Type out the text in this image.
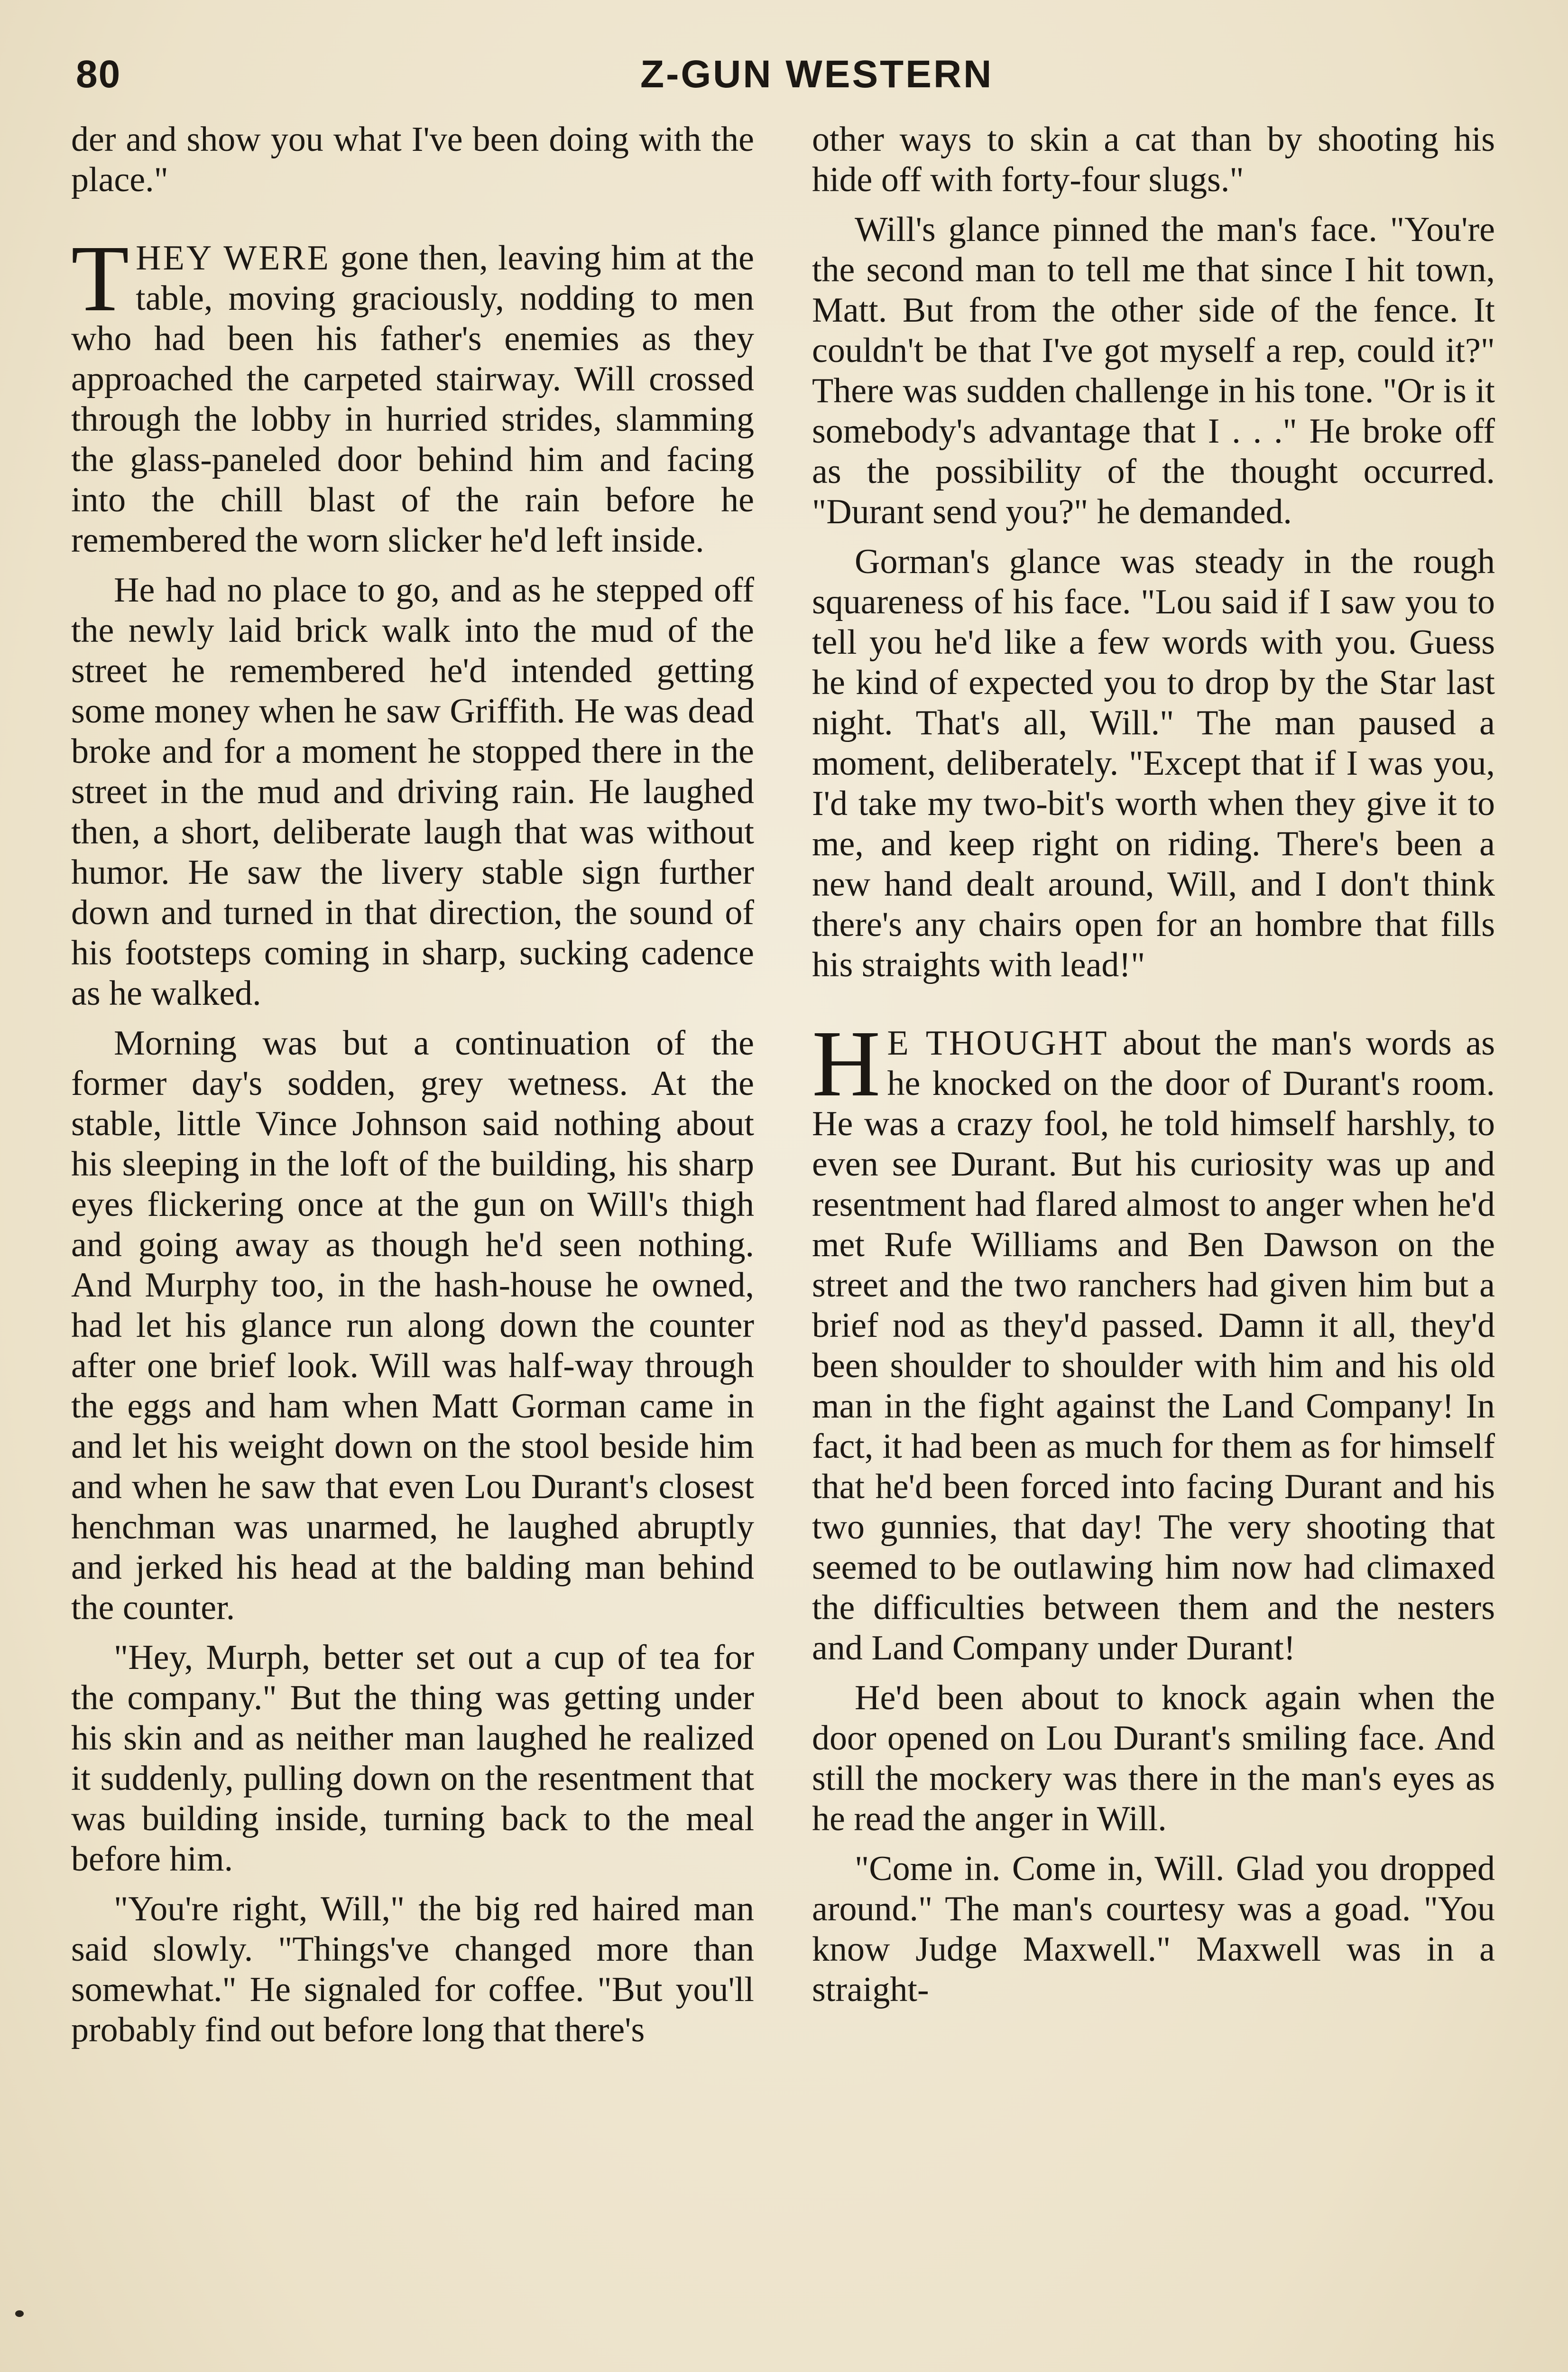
80	Z-GUN WESTERN

der and show you what I've been doing with the place."

THEY WERE gone then, leaving him at the table, moving graciously, nodding to men who had been his father's enemies as they approached the carpeted stairway. Will crossed through the lobby in hurried strides, slamming the glass-paneled door behind him and facing into the chill blast of the rain before he remembered the worn slicker he'd left inside.

He had no place to go, and as he stepped off the newly laid brick walk into the mud of the street he remembered he'd intended getting some money when he saw Griffith. He was dead broke and for a moment he stopped there in the street in the mud and driving rain. He laughed then, a short, deliberate laugh that was without humor. He saw the livery stable sign further down and turned in that direction, the sound of his footsteps coming in sharp, sucking cadence as he walked.

Morning was but a continuation of the former day's sodden, grey wetness. At the stable, little Vince Johnson said nothing about his sleeping in the loft of the building, his sharp eyes flickering once at the gun on Will's thigh and going away as though he'd seen nothing. And Murphy too, in the hash-house he owned, had let his glance run along down the counter after one brief look. Will was half-way through the eggs and ham when Matt Gorman came in and let his weight down on the stool beside him and when he saw that even Lou Durant's closest henchman was unarmed, he laughed abruptly and jerked his head at the balding man behind the counter.

"Hey, Murph, better set out a cup of tea for the company." But the thing was getting under his skin and as neither man laughed he realized it suddenly, pulling down on the resentment that was building inside, turning back to the meal before him.

"You're right, Will," the big red haired man said slowly. "Things've changed more than somewhat." He signaled for coffee. "But you'll probably find out before long that there's

other ways to skin a cat than by shooting his hide off with forty-four slugs."

Will's glance pinned the man's face. "You're the second man to tell me that since I hit town, Matt. But from the other side of the fence. It couldn't be that I've got myself a rep, could it?" There was sudden challenge in his tone. "Or is it somebody's advantage that I . . ." He broke off as the possibility of the thought occurred. "Durant send you?" he demanded.

Gorman's glance was steady in the rough squareness of his face. "Lou said if I saw you to tell you he'd like a few words with you. Guess he kind of expected you to drop by the Star last night. That's all, Will." The man paused a moment, deliberately. "Except that if I was you, I'd take my two-bit's worth when they give it to me, and keep right on riding. There's been a new hand dealt around, Will, and I don't think there's any chairs open for an hombre that fills his straights with lead!"

H E THOUGHT about the man's words as he knocked on the door of Durant's room. He was a crazy fool, he told himself harshly, to even see Durant. But his curiosity was up and resentment had flared almost to anger when he'd met Rufe Williams and Ben Dawson on the street and the two ranchers had given him but a brief nod as they'd passed. Damn it all, they'd been shoulder to shoulder with him and his old man in the fight against the Land Company! In fact, it had been as much for them as for himself that he'd been forced into facing Durant and his two gunnies, that day! The very shooting that seemed to be outlawing him now had climaxed the difficulties between them and the nesters and Land Company under Durant!

He'd been about to knock again when the door opened on Lou Durant's smiling face. And still the mockery was there in the man's eyes as he read the anger in Will.

"Come in. Come in, Will. Glad you dropped around." The man's courtesy was a goad. "You know Judge Maxwell." Maxwell was in a straight-
